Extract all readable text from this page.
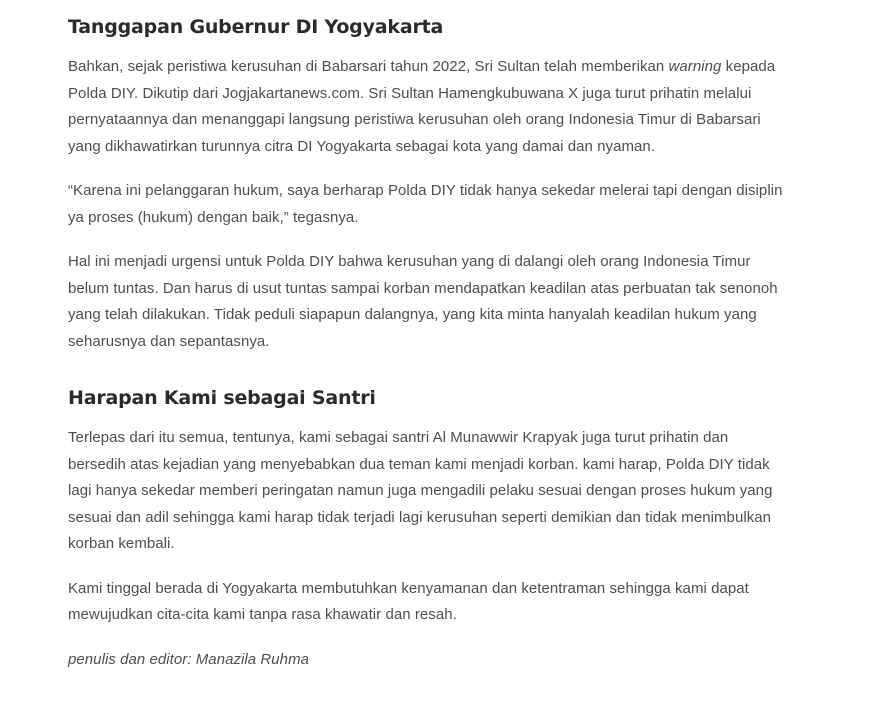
Tanggapan Gubernur DI Yogyakarta

Bahkan, sejak peristiwa kerusuhan di Babarsari tahun 2022, Sri Sultan telah memberikan warning kepada Polda DIY. Dikutip dari Jogjakartanews.com. Sri Sultan Hamengkubuwana X juga turut prihatin melalui pernyataannya dan menanggapi langsung peristiwa kerusuhan oleh orang Indonesia Timur di Babarsari yang dikhawatirkan turunnya citra DI Yogyakarta sebagai kota yang damai dan nyaman.

“Karena ini pelanggaran hukum, saya berharap Polda DIY tidak hanya sekedar melerai tapi dengan disiplin ya proses (hukum) dengan baik,” tegasnya.

Hal ini menjadi urgensi untuk Polda DIY bahwa kerusuhan yang di dalangi oleh orang Indonesia Timur belum tuntas. Dan harus di usut tuntas sampai korban mendapatkan keadilan atas perbuatan tak senonoh yang telah dilakukan. Tidak peduli siapapun dalangnya, yang kita minta hanyalah keadilan hukum yang seharusnya dan sepantasnya.

Harapan Kami sebagai Santri

Terlepas dari itu semua, tentunya, kami sebagai santri Al Munawwir Krapyak juga turut prihatin dan bersedih atas kejadian yang menyebabkan dua teman kami menjadi korban. kami harap, Polda DIY tidak lagi hanya sekedar memberi peringatan namun juga mengadili pelaku sesuai dengan proses hukum yang sesuai dan adil sehingga kami harap tidak terjadi lagi kerusuhan seperti demikian dan tidak menimbulkan korban kembali.

Kami tinggal berada di Yogyakarta membutuhkan kenyamanan dan ketentraman sehingga kami dapat mewujudkan cita-cita kami tanpa rasa khawatir dan resah.

penulis dan editor: Manazila Ruhma
